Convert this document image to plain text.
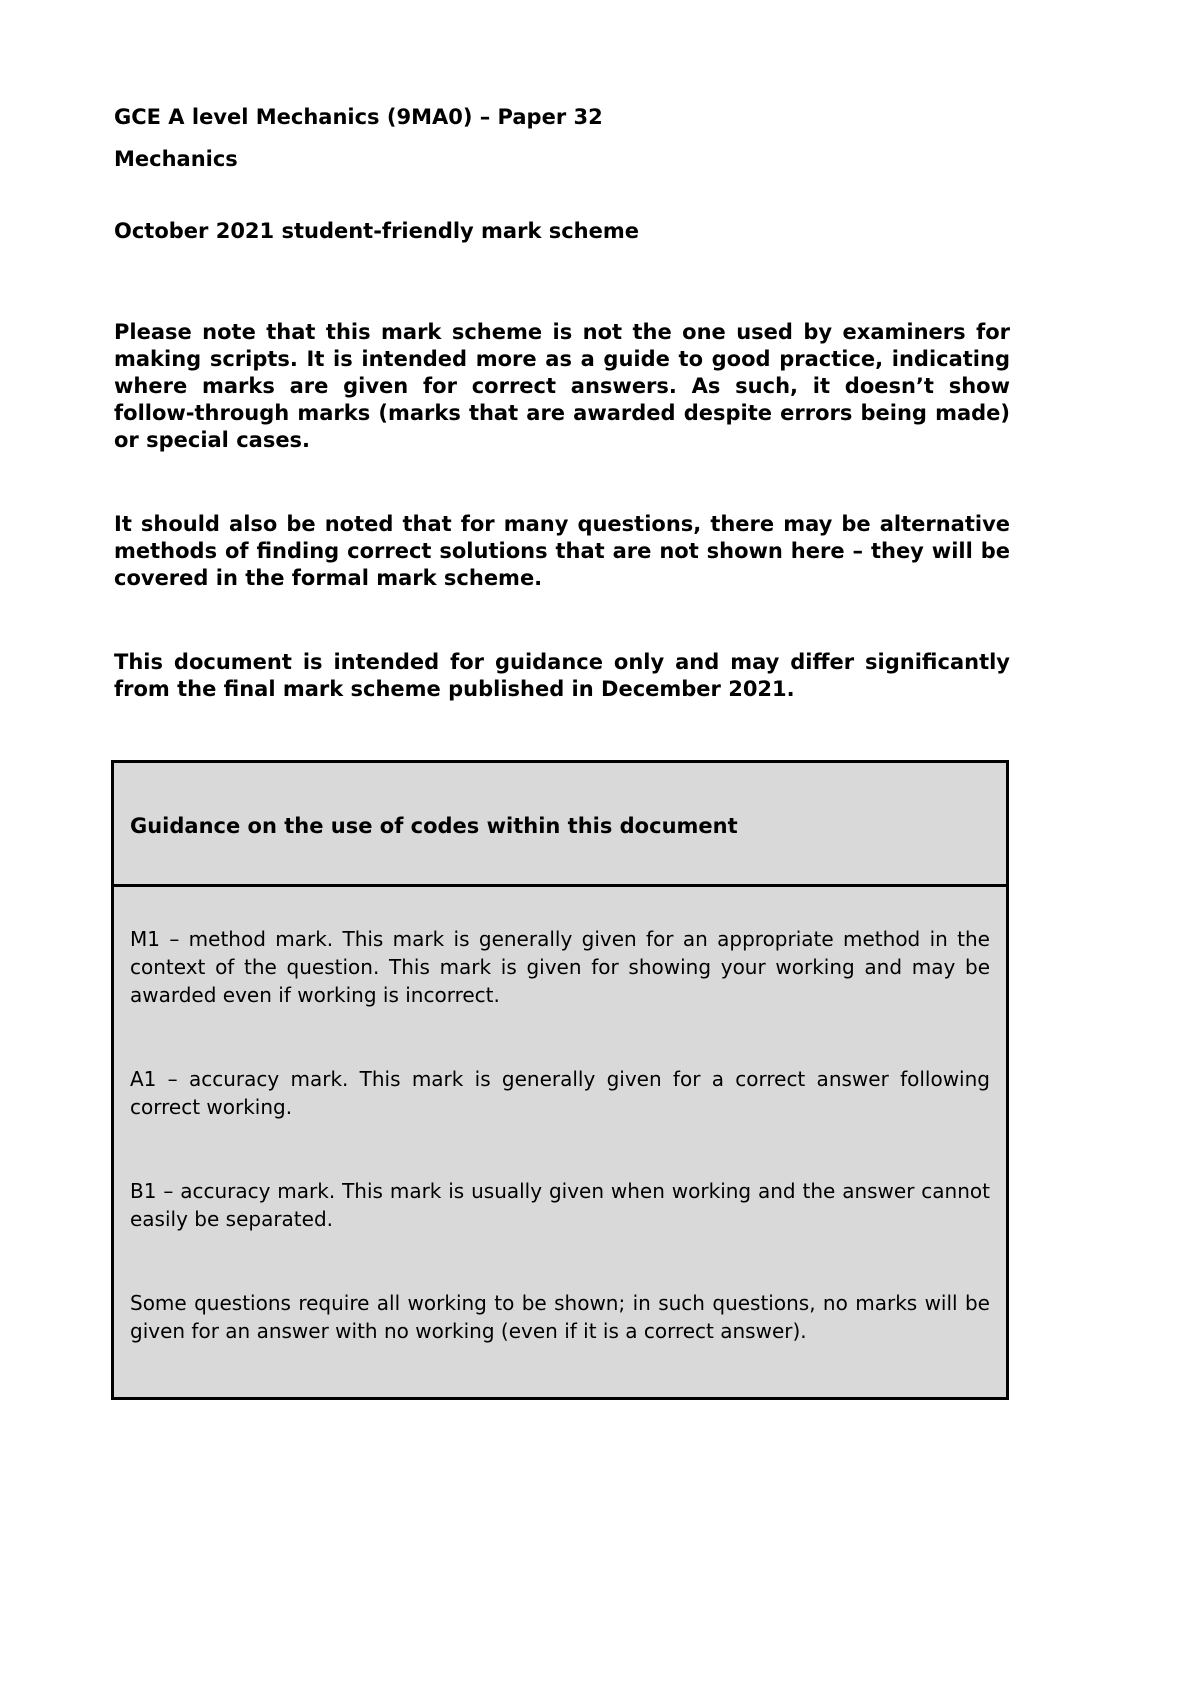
GCE A level Mechanics (9MA0) – Paper 32
Mechanics
October 2021 student-friendly mark scheme

Please note that this mark scheme is not the one used by examiners for making scripts. It is intended more as a guide to good practice, indicating where marks are given for correct answers. As such, it doesn’t show follow-through marks (marks that are awarded despite errors being made) or special cases.

It should also be noted that for many questions, there may be alternative methods of finding correct solutions that are not shown here – they will be covered in the formal mark scheme.

This document is intended for guidance only and may differ significantly from the final mark scheme published in December 2021.

Guidance on the use of codes within this document

M1 – method mark. This mark is generally given for an appropriate method in the context of the question. This mark is given for showing your working and may be awarded even if working is incorrect.

A1 – accuracy mark. This mark is generally given for a correct answer following correct working.

B1 – accuracy mark. This mark is usually given when working and the answer cannot easily be separated.

Some questions require all working to be shown; in such questions, no marks will be given for an answer with no working (even if it is a correct answer).
